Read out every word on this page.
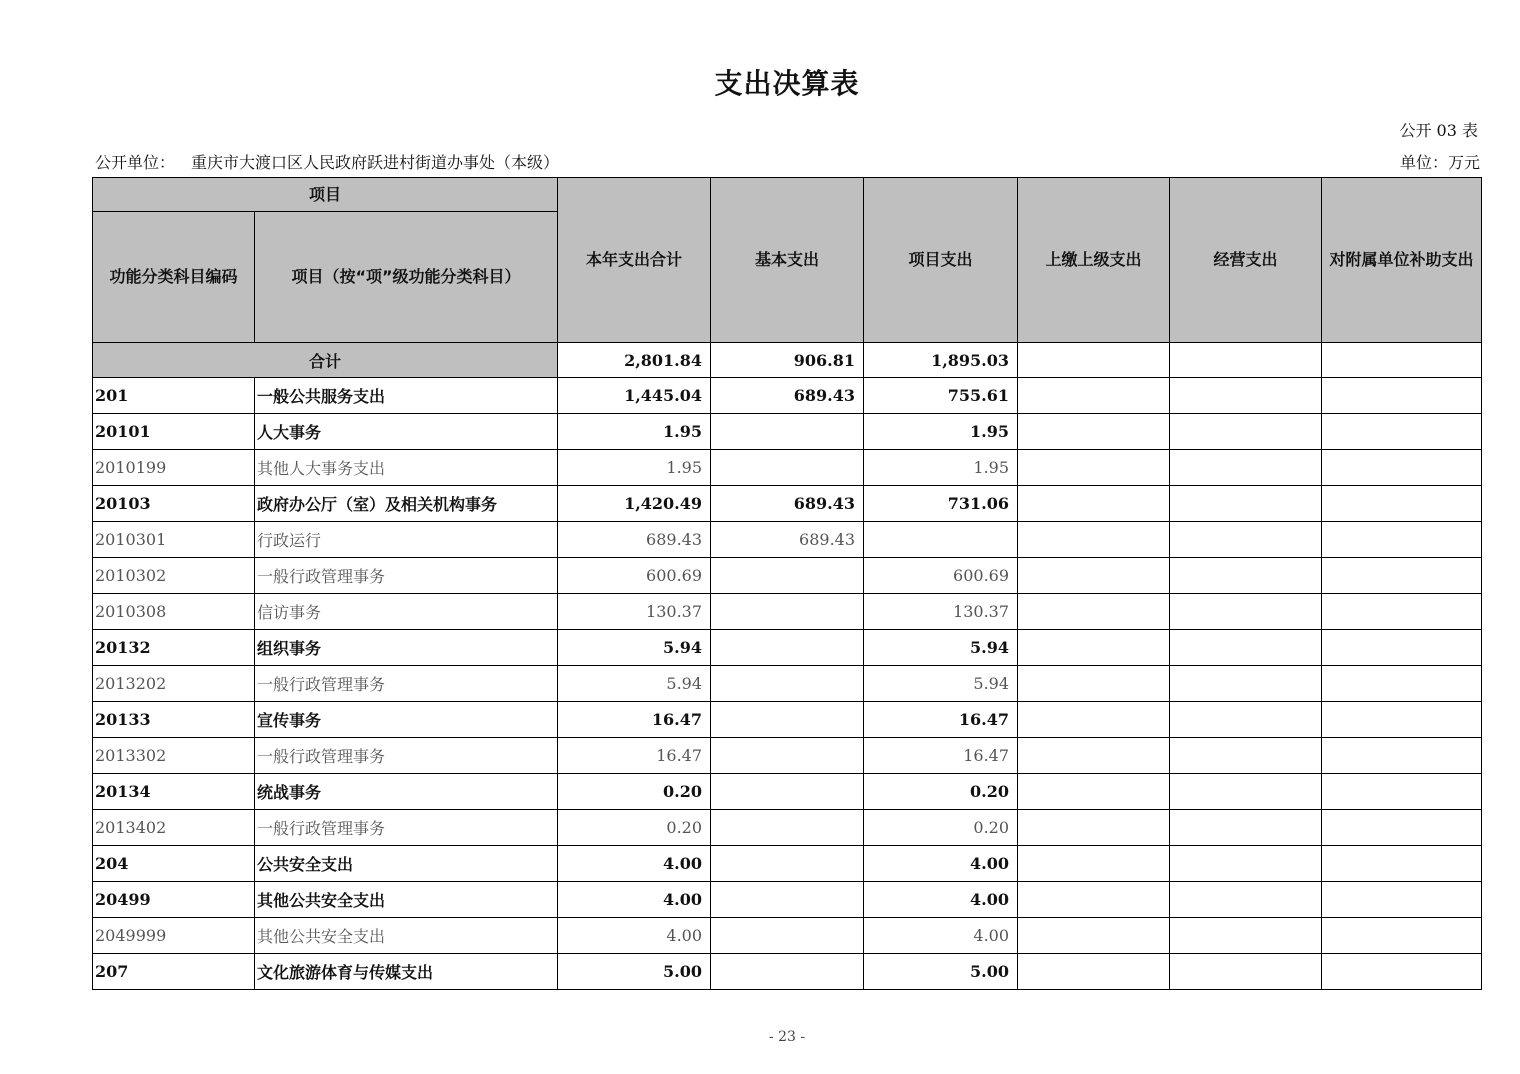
支出决算表
公开 03 表
公开单位： 重庆市大渡口区人民政府跃进村街道办事处（本级）	单位：万元
项目		本年支出合计	基本支出	项目支出	上缴上级支出	经营支出	对附属单位补助支出
功能分类科目编码	项目（按“项”级功能分类科目）						
合计		2,801.84	906.81	1,895.03			
201	一般公共服务支出	1,445.04	689.43	755.61			
20101	人大事务	1.95		1.95			
2010199	其他人大事务支出	1.95		1.95			
20103	政府办公厅（室）及相关机构事务	1,420.49	689.43	731.06			
2010301	行政运行	689.43	689.43				
2010302	一般行政管理事务	600.69		600.69			
2010308	信访事务	130.37		130.37			
20132	组织事务	5.94		5.94			
2013202	一般行政管理事务	5.94		5.94			
20133	宣传事务	16.47		16.47			
2013302	一般行政管理事务	16.47		16.47			
20134	统战事务	0.20		0.20			
2013402	一般行政管理事务	0.20		0.20			
204	公共安全支出	4.00		4.00			
20499	其他公共安全支出	4.00		4.00			
2049999	其他公共安全支出	4.00		4.00			
207	文化旅游体育与传媒支出	5.00		5.00			
- 23 -
